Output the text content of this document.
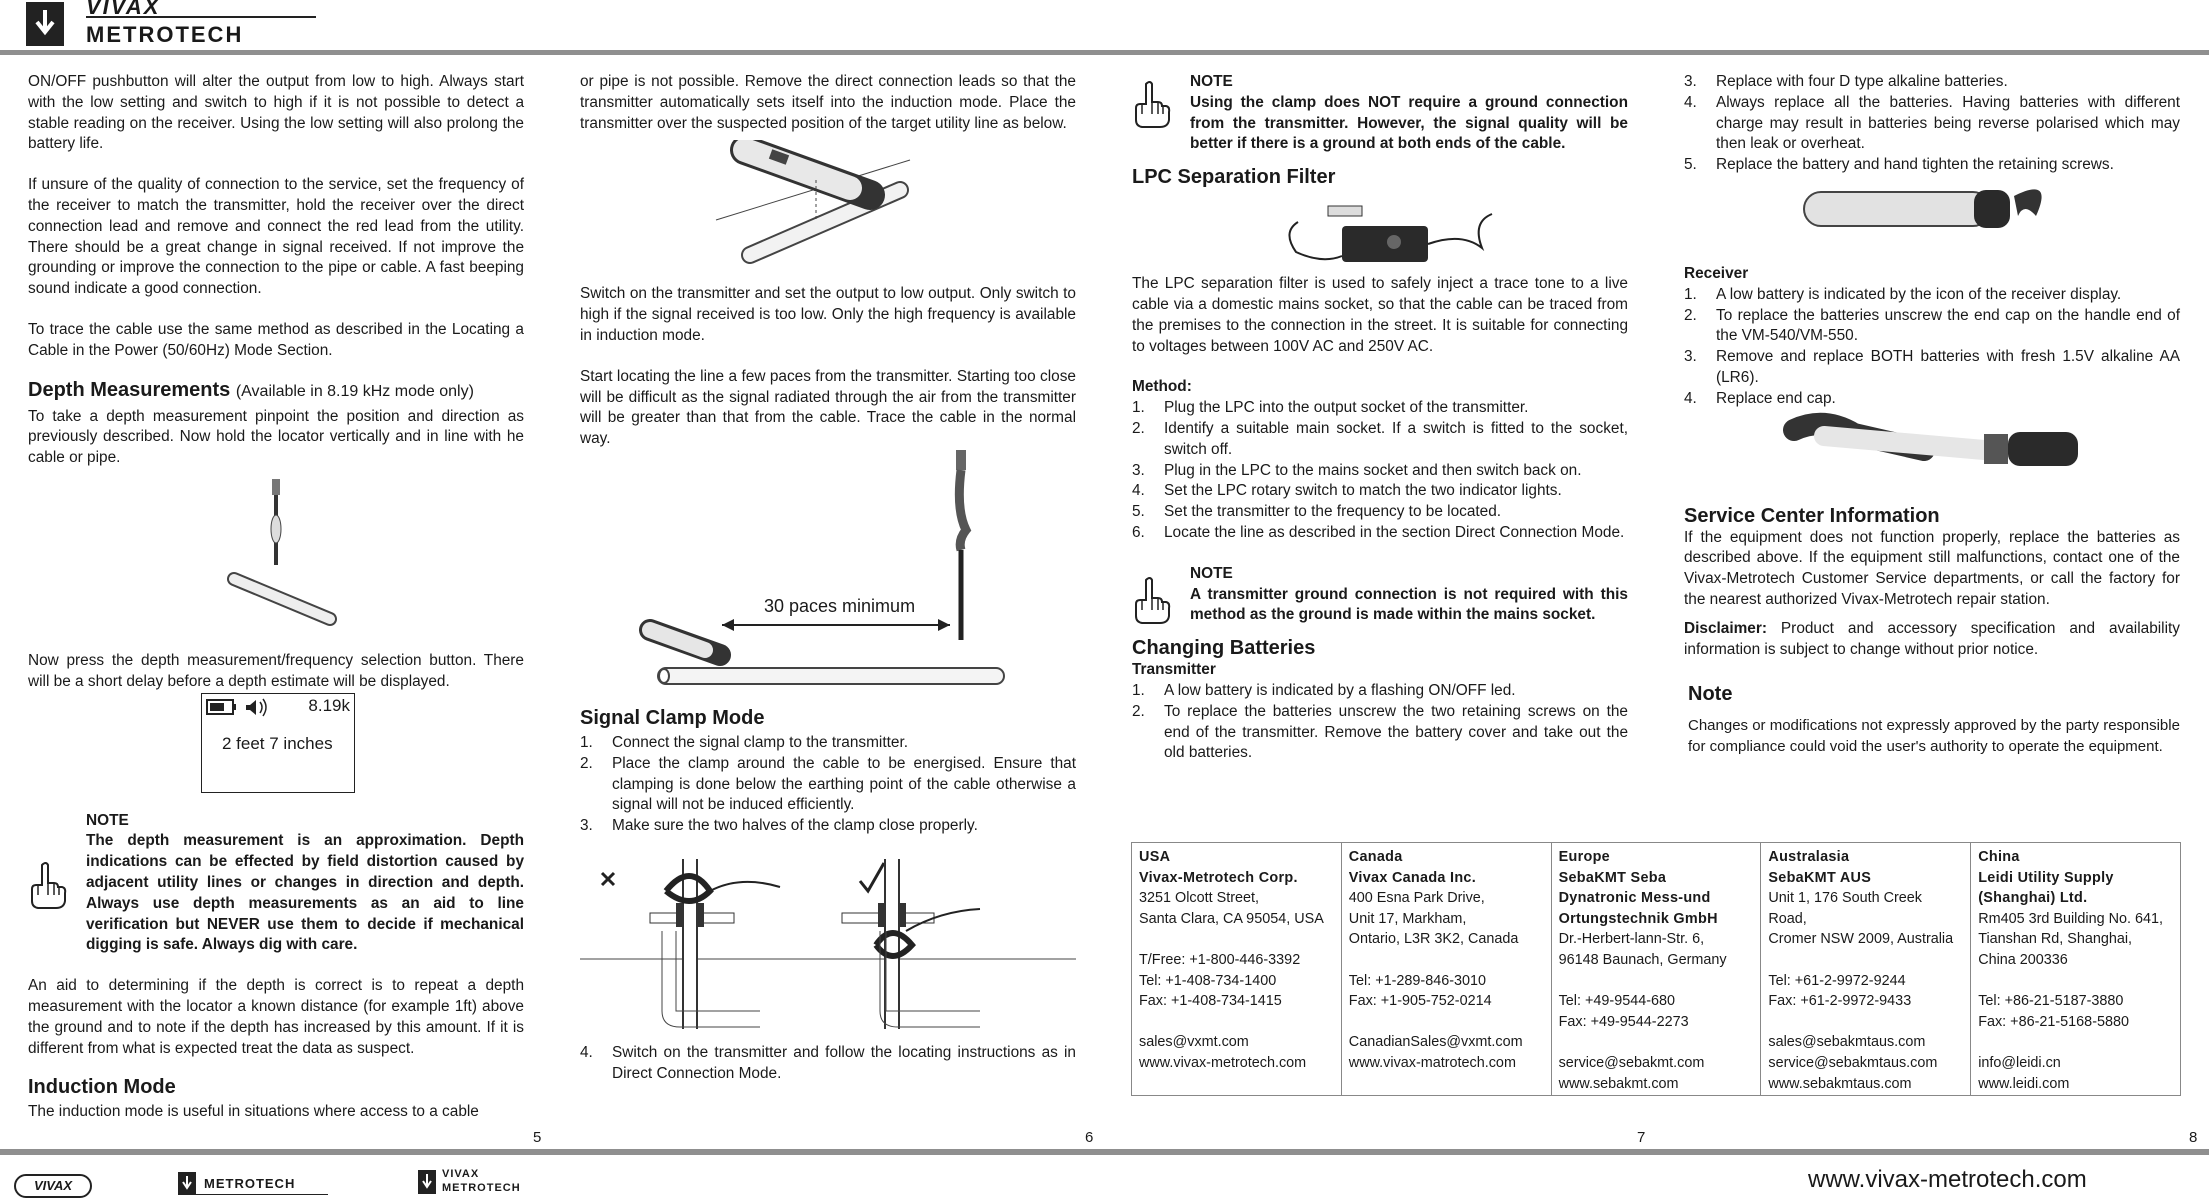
VIVAX
METROTECH

ON/OFF pushbutton will alter the output from low to high. Always start with the low setting and switch to high if it is not possible to detect a stable reading on the receiver. Using the low setting will also prolong the battery life.

If unsure of the quality of connection to the service, set the frequency of the receiver to match the transmitter, hold the receiver over the direct connection lead and remove and connect the red lead from the utility. There should be a great change in signal received. If not improve the grounding or improve the connection to the pipe or cable. A fast beeping sound indicate a good connection.

To trace the cable use the same method as described in the Locating a Cable in the Power (50/60Hz) Mode Section.

Depth Measurements (Available in 8.19 kHz mode only)

To take a depth measurement pinpoint the position and direction as previously described. Now hold the locator vertically and in line with he cable or pipe.

Now press the depth measurement/frequency selection button. There will be a short delay before a depth estimate will be displayed.

8.19k
2 feet 7 inches
NOTE
The depth measurement is an approximation. Depth indications can be effected by field distortion caused by adjacent utility lines or changes in direction and depth. Always use depth measurements as an aid to line verification but NEVER use them to decide if mechanical digging is safe. Always dig with care.

An aid to determining if the depth is correct is to repeat a depth measurement with the locator a known distance (for example 1ft) above the ground and to note if the depth has increased by this amount. If it is different from what is expected treat the data as suspect.

Induction Mode

The induction mode is useful in situations where access to a cable

or pipe is not possible. Remove the direct connection leads so that the transmitter automatically sets itself into the induction mode. Place the transmitter over the suspected position of the target utility line as below.

Switch on the transmitter and set the output to low output. Only switch to high if the signal received is too low. Only the high frequency is available in induction mode.

Start locating the line a few paces from the transmitter. Starting too close will be difficult as the signal radiated through the air from the transmitter will be greater than that from the cable. Trace the cable in the normal way.

30 paces minimum
Signal Clamp Mode
1. Connect the signal clamp to the transmitter.
2. Place the clamp around the cable to be energised. Ensure that clamping is done below the earthing point of the cable otherwise a signal will not be induced efficiently.
3. Make sure the two halves of the clamp close properly.
4. Switch on the transmitter and follow the locating instructions as in Direct Connection Mode.
NOTE
Using the clamp does NOT require a ground connection from the transmitter. However, the signal quality will be better if there is a ground at both ends of the cable.
LPC Separation Filter

The LPC separation filter is used to safely inject a trace tone to a live cable via a domestic mains socket, so that the cable can be traced from the premises to the connection in the street. It is suitable for connecting to voltages between 100V AC and 250V AC.

Method:
1. Plug the LPC into the output socket of the transmitter.
2. Identify a suitable main socket. If a switch is fitted to the socket, switch off.
3. Plug in the LPC to the mains socket and then switch back on.
4. Set the LPC rotary switch to match the two indicator lights.
5. Set the transmitter to the frequency to be located.
6. Locate the line as described in the section Direct Connection Mode.
NOTE
A transmitter ground connection is not required with this method as the ground is made within the mains socket.
Changing Batteries
Transmitter
1. A low battery is indicated by a flashing ON/OFF led.
2. To replace the batteries unscrew the two retaining screws on the end of the transmitter. Remove the battery cover and take out the old batteries.
3. Replace with four D type alkaline batteries.
4. Always replace all the batteries. Having batteries with different charge may result in batteries being reverse polarised which may then leak or overheat.
5. Replace the battery and hand tighten the retaining screws.
Receiver
1. A low battery is indicated by the icon of the receiver display.
2. To replace the batteries unscrew the end cap on the handle end of the VM-540/VM-550.
3. Remove and replace BOTH batteries with fresh 1.5V alkaline AA (LR6).
4. Replace end cap.
Service Center Information

If the equipment does not function properly, replace the batteries as described above. If the equipment still malfunctions, contact one of the Vivax-Metrotech Customer Service departments, or call the factory for the nearest authorized Vivax-Metrotech repair station.

Disclaimer: Product and accessory specification and availability information is subject to change without prior notice.

Note

Changes or modifications not expressly approved by the party responsible for compliance could void the user's authority to operate the equipment.

USA
Vivax-Metrotech Corp.
3251 Olcott Street,
Santa Clara, CA 95054, USA
T/Free: +1-800-446-3392
Tel: +1-408-734-1400
Fax: +1-408-734-1415
sales@vxmt.com
www.vivax-metrotech.com
Canada
Vivax Canada Inc.
400 Esna Park Drive,
Unit 17, Markham,
Ontario, L3R 3K2, Canada
Tel: +1-289-846-3010
Fax: +1-905-752-0214
CanadianSales@vxmt.com
www.vivax-matrotech.com
Europe
SebaKMT Seba
Dynatronic Mess-und
Ortungstechnik GmbH
Dr.-Herbert-lann-Str. 6,
96148 Baunach, Germany
Tel: +49-9544-680
Fax: +49-9544-2273
service@sebakmt.com
www.sebakmt.com
Australasia
SebaKMT AUS
Unit 1, 176 South Creek Road,
Cromer NSW 2009, Australia
Tel: +61-2-9972-9244
Fax: +61-2-9972-9433
sales@sebakmtaus.com
service@sebakmtaus.com
www.sebakmtaus.com
China
Leidi Utility Supply
(Shanghai) Ltd.
Rm405 3rd Building No. 641,
Tianshan Rd, Shanghai,
China 200336
Tel: +86-21-5187-3880
Fax: +86-21-5168-5880
info@leidi.cn
www.leidi.com
5	6	7	8
VIVAX	METROTECH
VIVAX
METROTECH	www.vivax-metrotech.com
